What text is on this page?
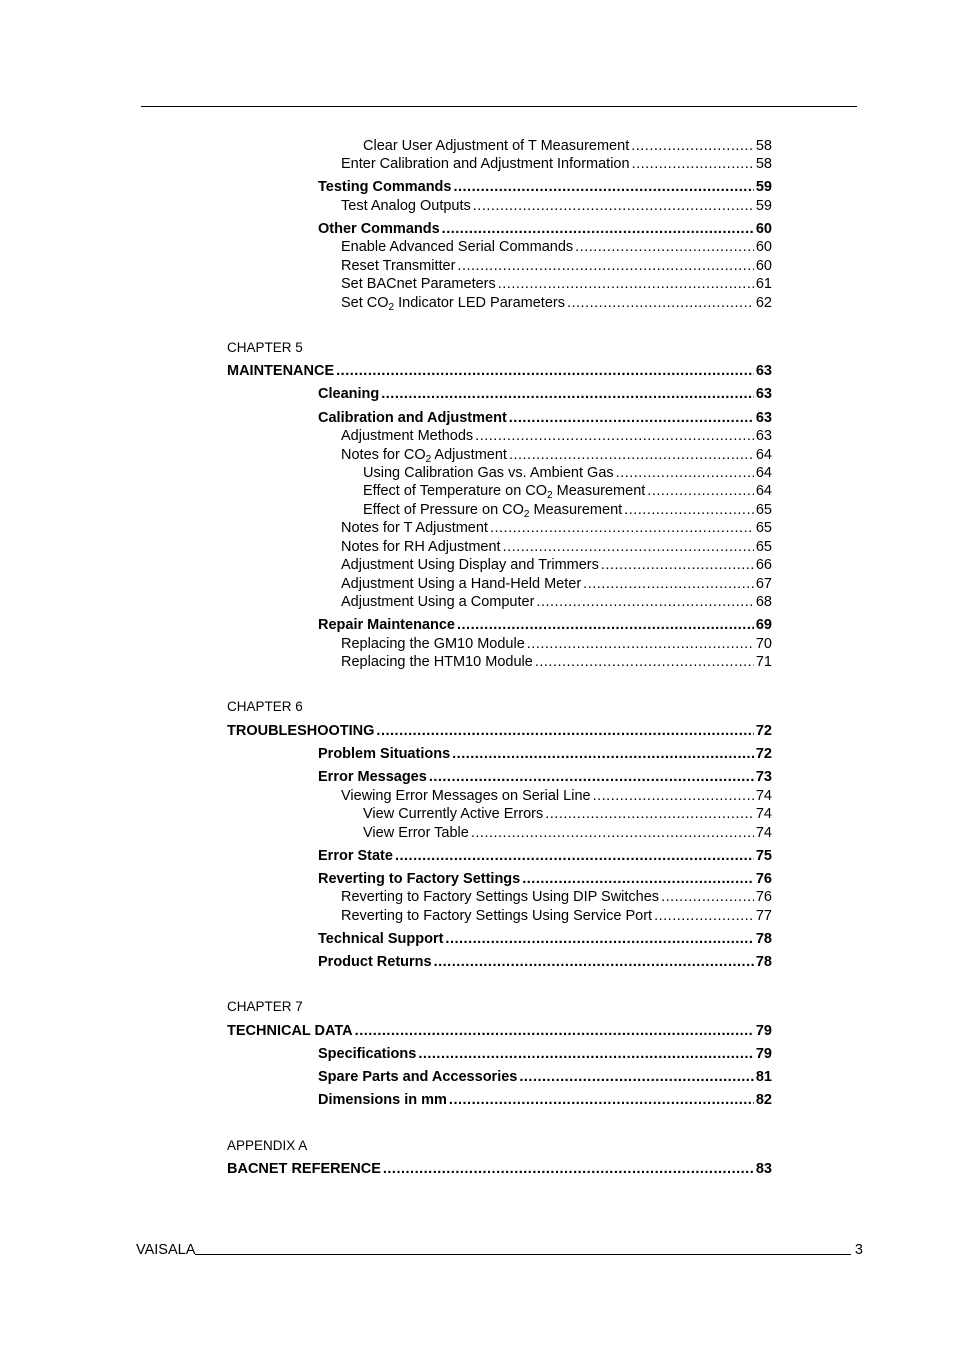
Clear User Adjustment of T Measurement .....	58
Enter Calibration and Adjustment Information .....	58
Testing Commands .....	59
Test Analog Outputs .....	59
Other Commands .....	60
Enable Advanced Serial Commands .....	60
Reset Transmitter .....	60
Set BACnet Parameters .....	61
Set $CO_2$ Indicator LED Parameters .....	62
CHAPTER 5
MAINTENANCE .....	63
Cleaning .....	63
Calibration and Adjustment .....	63
Adjustment Methods .....	63
Notes for $CO_2$ Adjustment .....	64
Using Calibration Gas vs. Ambient Gas .....	64
Effect of Temperature on $CO_2$ Measurement .....	64
Effect of Pressure on $CO_2$ Measurement .....	65
Notes for T Adjustment .....	65
Notes for RH Adjustment .....	65
Adjustment Using Display and Trimmers .....	66
Adjustment Using a Hand-Held Meter .....	67
Adjustment Using a Computer .....	68
Repair Maintenance .....	69
Replacing the GM10 Module .....	70
Replacing the HTM10 Module .....	71
CHAPTER 6
TROUBLESHOOTING .....	72
Problem Situations .....	72
Error Messages .....	73
Viewing Error Messages on Serial Line .....	74
View Currently Active Errors .....	74
View Error Table .....	74
Error State .....	75
Reverting to Factory Settings .....	76
Reverting to Factory Settings Using DIP Switches .....	76
Reverting to Factory Settings Using Service Port .....	77
Technical Support .....	78
Product Returns .....	78
CHAPTER 7
TECHNICAL DATA .....	79
Specifications .....	79
Spare Parts and Accessories .....	81
Dimensions in mm .....	82
APPENDIX A
BACNET REFERENCE .....	83
VAISALA	3
